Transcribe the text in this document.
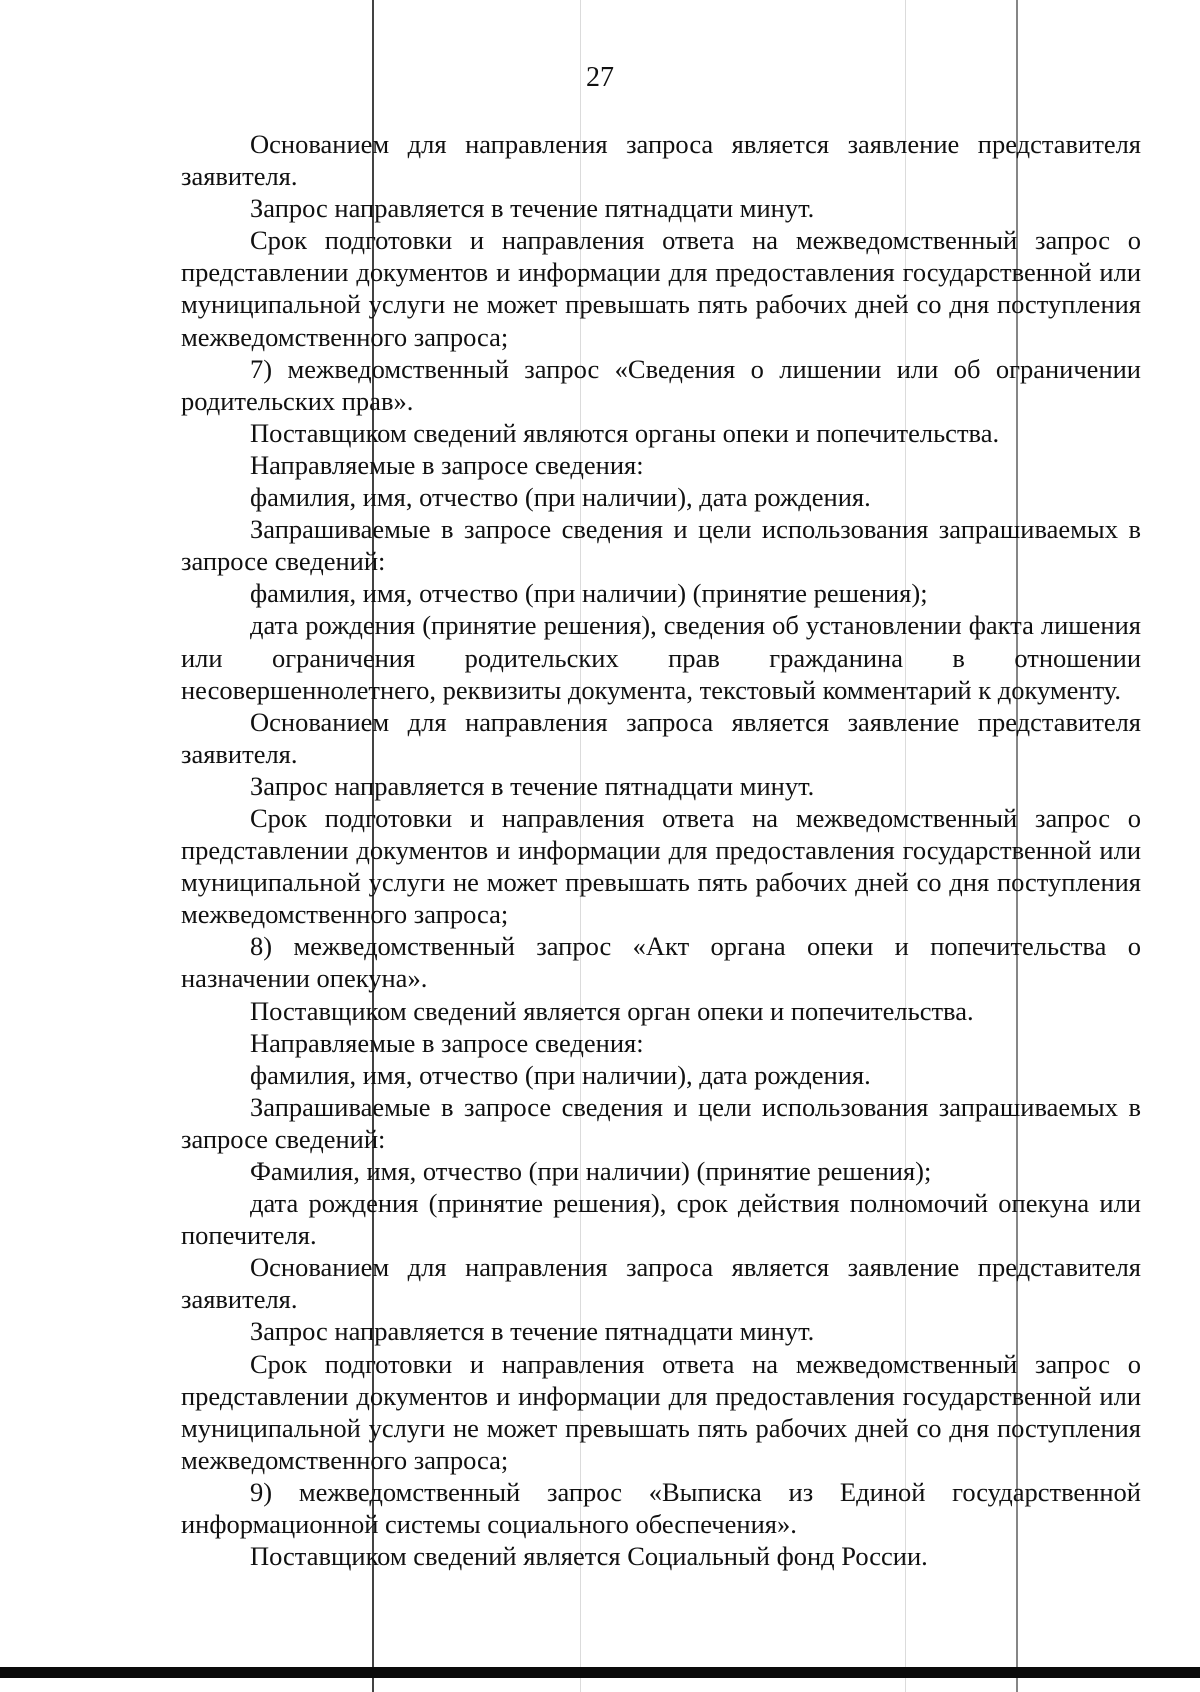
27

Основанием для направления запроса является заявление представителя заявителя.

Запрос направляется в течение пятнадцати минут.

Срок подготовки и направления ответа на межведомственный запрос о представлении документов и информации для предоставления государственной или муниципальной услуги не может превышать пять рабочих дней со дня поступления межведомственного запроса;

7) межведомственный запрос «Сведения о лишении или об ограничении родительских прав».

Поставщиком сведений являются органы опеки и попечительства.

Направляемые в запросе сведения:

фамилия, имя, отчество (при наличии), дата рождения.

Запрашиваемые в запросе сведения и цели использования запрашиваемых в запросе сведений:

фамилия, имя, отчество (при наличии) (принятие решения);

дата рождения (принятие решения), сведения об установлении факта лишения или ограничения родительских прав гражданина в отношении несовершеннолетнего, реквизиты документа, текстовый комментарий к документу.

Основанием для направления запроса является заявление представителя заявителя.

Запрос направляется в течение пятнадцати минут.

Срок подготовки и направления ответа на межведомственный запрос о представлении документов и информации для предоставления государственной или муниципальной услуги не может превышать пять рабочих дней со дня поступления межведомственного запроса;

8) межведомственный запрос «Акт органа опеки и попечительства о назначении опекуна».

Поставщиком сведений является орган опеки и попечительства.

Направляемые в запросе сведения:

фамилия, имя, отчество (при наличии), дата рождения.

Запрашиваемые в запросе сведения и цели использования запрашиваемых в запросе сведений:

Фамилия, имя, отчество (при наличии) (принятие решения);

дата рождения (принятие решения), срок действия полномочий опекуна или попечителя.

Основанием для направления запроса является заявление представителя заявителя.

Запрос направляется в течение пятнадцати минут.

Срок подготовки и направления ответа на межведомственный запрос о представлении документов и информации для предоставления государственной или муниципальной услуги не может превышать пять рабочих дней со дня поступления межведомственного запроса;

9) межведомственный запрос «Выписка из Единой государственной информационной системы социального обеспечения».

Поставщиком сведений является Социальный фонд России.
